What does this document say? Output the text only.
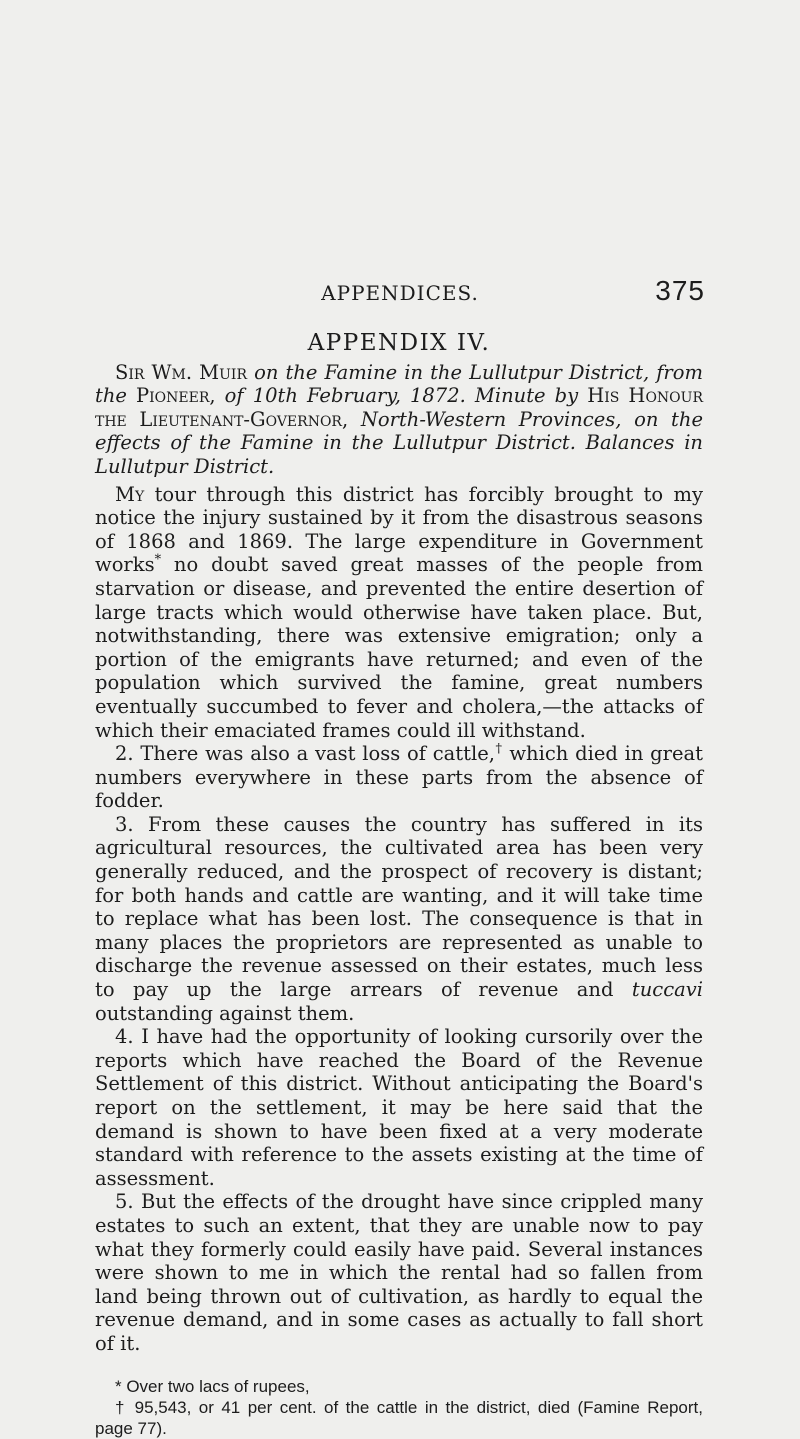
APPENDICES.	375
APPENDIX IV.

Sir Wm. Muir on the Famine in the Lullutpur District, from the Pioneer, of 10th February, 1872. Minute by His Honour the Lieutenant-Governor, North-Western Provinces, on the effects of the Famine in the Lullutpur District. Balances in Lullutpur District.

My tour through this district has forcibly brought to my notice the injury sustained by it from the disastrous seasons of 1868 and 1869. The large expenditure in Government works* no doubt saved great masses of the people from starvation or disease, and prevented the entire desertion of large tracts which would otherwise have taken place. But, notwithstanding, there was extensive emigration; only a portion of the emigrants have returned; and even of the population which survived the famine, great numbers eventually succumbed to fever and cholera,—the attacks of which their emaciated frames could ill withstand.

2. There was also a vast loss of cattle,† which died in great numbers everywhere in these parts from the absence of fodder.

3. From these causes the country has suffered in its agricultural resources, the cultivated area has been very generally reduced, and the prospect of recovery is distant; for both hands and cattle are wanting, and it will take time to replace what has been lost. The consequence is that in many places the proprietors are represented as unable to discharge the revenue assessed on their estates, much less to pay up the large arrears of revenue and tuccavi outstanding against them.

4. I have had the opportunity of looking cursorily over the reports which have reached the Board of the Revenue Settlement of this district. Without anticipating the Board's report on the settlement, it may be here said that the demand is shown to have been fixed at a very moderate standard with reference to the assets existing at the time of assessment.

5. But the effects of the drought have since crippled many estates to such an extent, that they are unable now to pay what they formerly could easily have paid. Several instances were shown to me in which the rental had so fallen from land being thrown out of cultivation, as hardly to equal the revenue demand, and in some cases as actually to fall short of it.

* Over two lacs of rupees,

† 95,543, or 41 per cent. of the cattle in the district, died (Famine Report, page 77).
